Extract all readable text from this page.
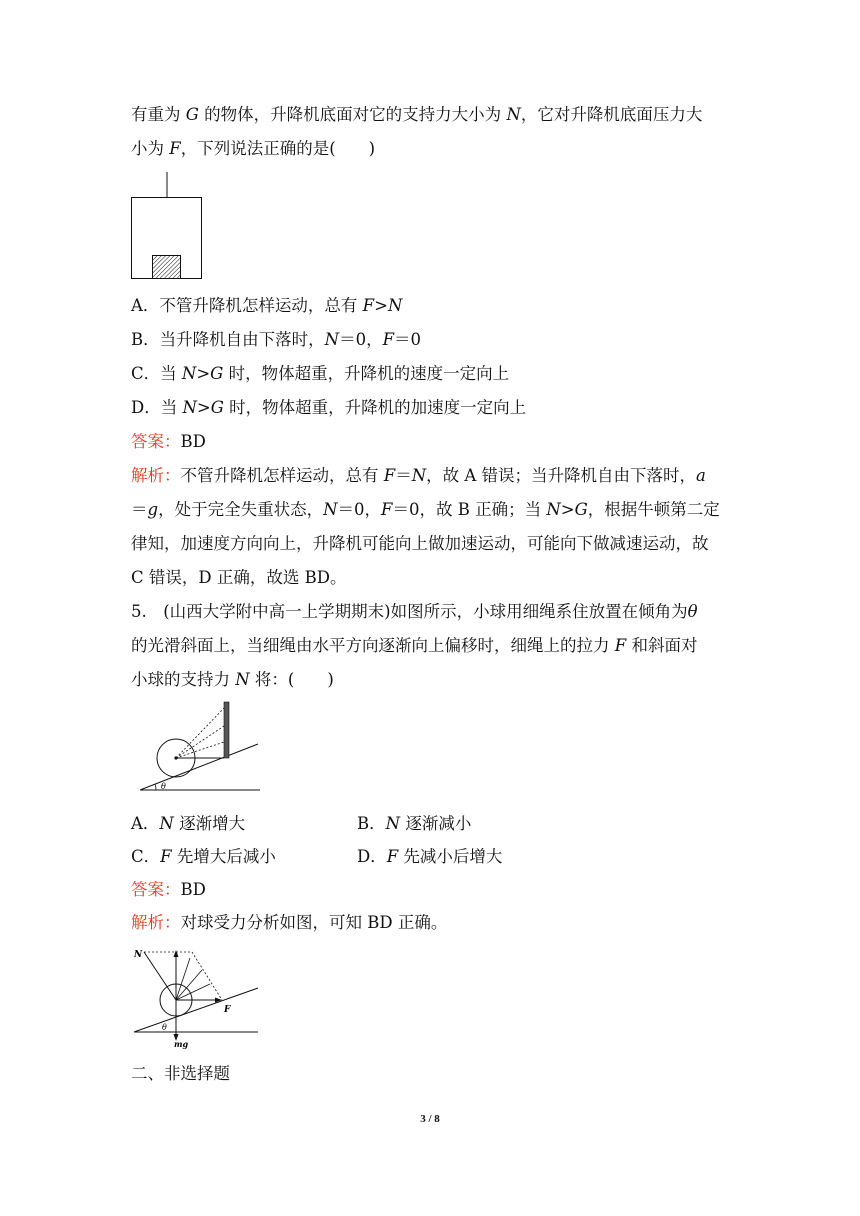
有重为 G 的物体，升降机底面对它的支持力大小为 N，它对升降机底面压力大
小为 F，下列说法正确的是(　　)
A．不管升降机怎样运动，总有 F>N
B．当升降机自由下落时，N＝0，F＝0
C．当 N>G 时，物体超重，升降机的速度一定向上
D．当 N>G 时，物体超重，升降机的加速度一定向上
答案：BD
解析：不管升降机怎样运动，总有 F＝N，故 A 错误；当升降机自由下落时，a
＝g，处于完全失重状态，N＝0，F＝0，故 B 正确；当 N>G，根据牛顿第二定
律知，加速度方向向上，升降机可能向上做加速运动，可能向下做减速运动，故
C 错误，D 正确，故选 BD。
5.　(山西大学附中高一上学期期末)如图所示，小球用细绳系住放置在倾角为θ
的光滑斜面上，当细绳由水平方向逐渐向上偏移时，细绳上的拉力 F 和斜面对
小球的支持力 N 将：(　　)
θ
A．N 逐渐增大	B．N 逐渐减小
C．F 先增大后减小	D．F 先减小后增大
答案：BD
解析：对球受力分析如图，可知 BD 正确。
N
F
θ
mg
二、非选择题
3 / 8
